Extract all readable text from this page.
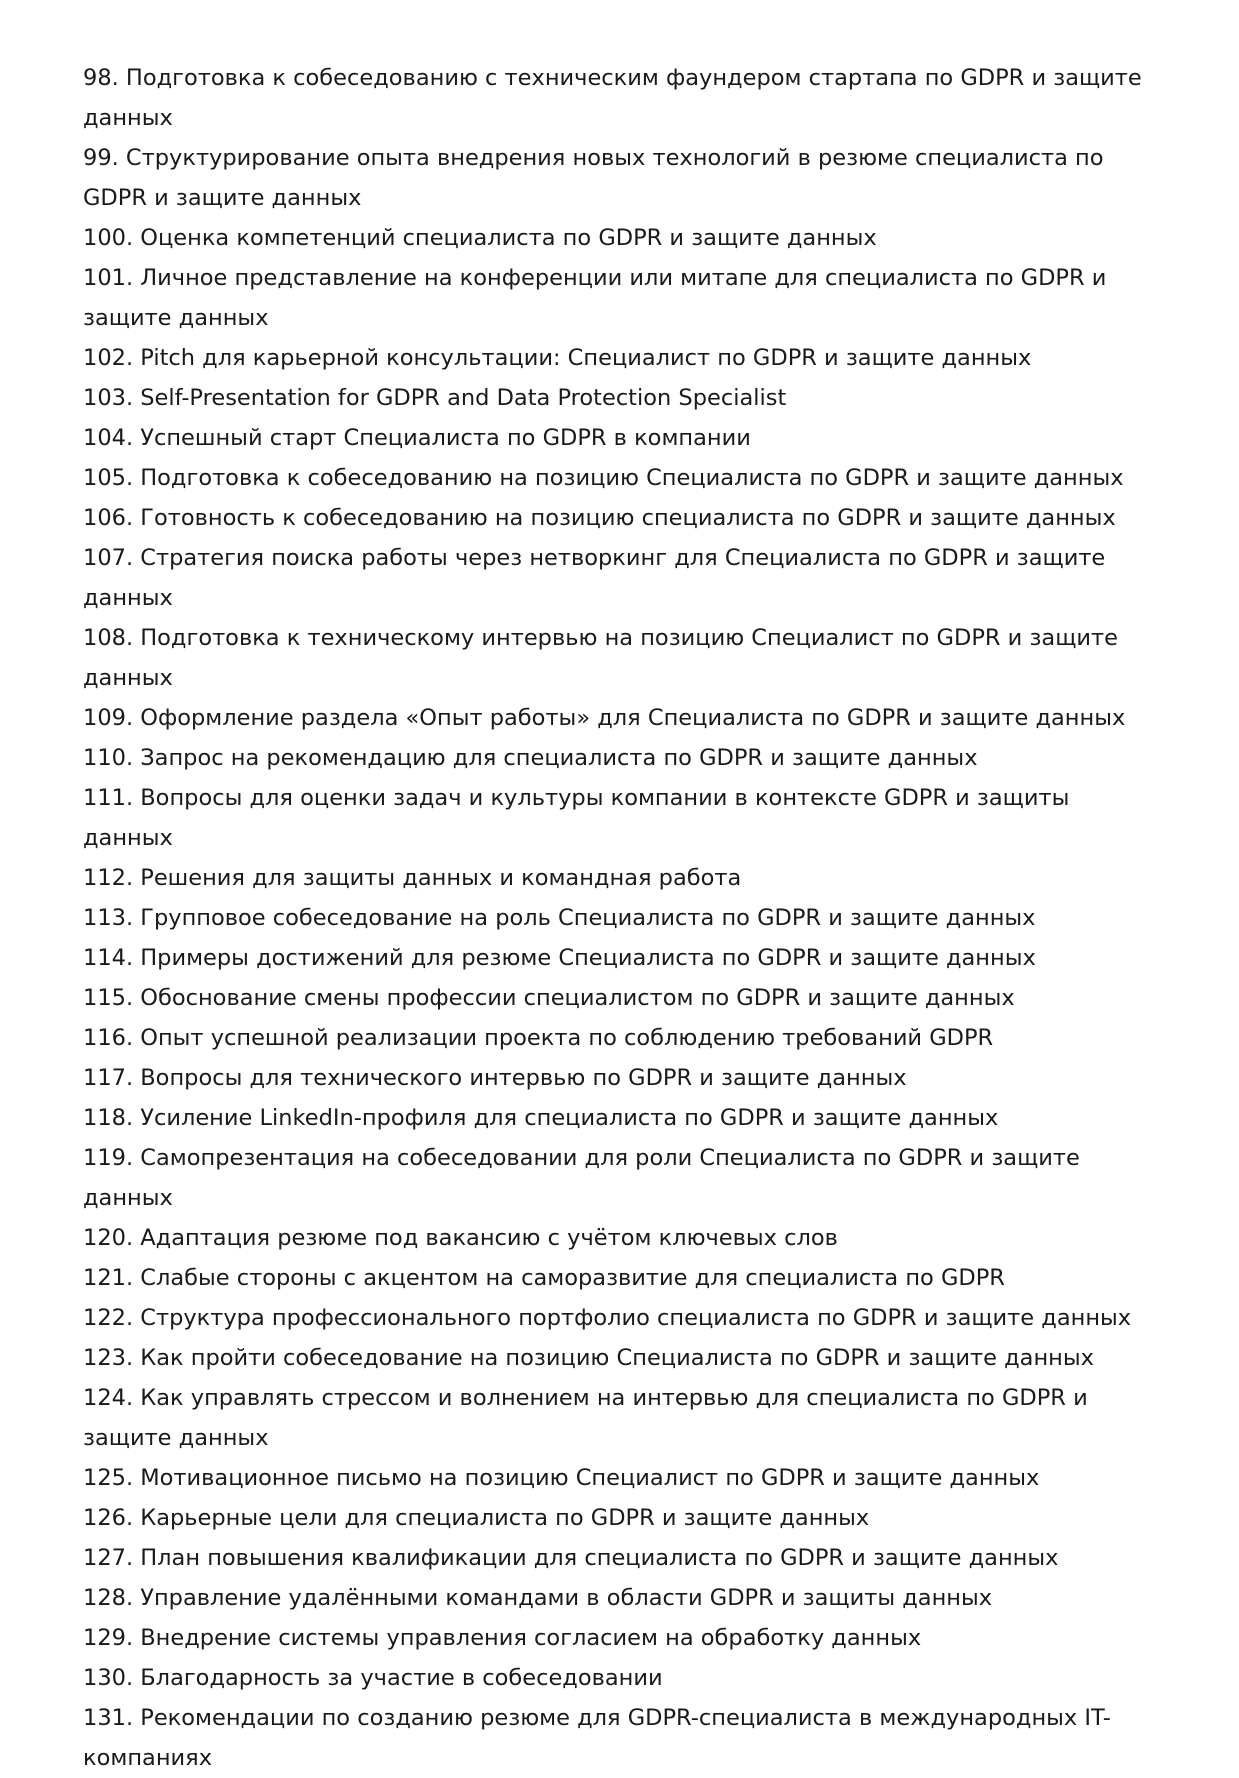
98. Подготовка к собеседованию с техническим фаундером стартапа по GDPR и защите данных
99. Структурирование опыта внедрения новых технологий в резюме специалиста по GDPR и защите данных
100. Оценка компетенций специалиста по GDPR и защите данных
101. Личное представление на конференции или митапе для специалиста по GDPR и защите данных
102. Pitch для карьерной консультации: Специалист по GDPR и защите данных
103. Self-Presentation for GDPR and Data Protection Specialist
104. Успешный старт Специалиста по GDPR в компании
105. Подготовка к собеседованию на позицию Специалиста по GDPR и защите данных
106. Готовность к собеседованию на позицию специалиста по GDPR и защите данных
107. Стратегия поиска работы через нетворкинг для Специалиста по GDPR и защите данных
108. Подготовка к техническому интервью на позицию Специалист по GDPR и защите данных
109. Оформление раздела «Опыт работы» для Специалиста по GDPR и защите данных
110. Запрос на рекомендацию для специалиста по GDPR и защите данных
111. Вопросы для оценки задач и культуры компании в контексте GDPR и защиты данных
112. Решения для защиты данных и командная работа
113. Групповое собеседование на роль Специалиста по GDPR и защите данных
114. Примеры достижений для резюме Специалиста по GDPR и защите данных
115. Обоснование смены профессии специалистом по GDPR и защите данных
116. Опыт успешной реализации проекта по соблюдению требований GDPR
117. Вопросы для технического интервью по GDPR и защите данных
118. Усиление LinkedIn-профиля для специалиста по GDPR и защите данных
119. Самопрезентация на собеседовании для роли Специалиста по GDPR и защите данных
120. Адаптация резюме под вакансию с учётом ключевых слов
121. Слабые стороны с акцентом на саморазвитие для специалиста по GDPR
122. Структура профессионального портфолио специалиста по GDPR и защите данных
123. Как пройти собеседование на позицию Специалиста по GDPR и защите данных
124. Как управлять стрессом и волнением на интервью для специалиста по GDPR и защите данных
125. Мотивационное письмо на позицию Специалист по GDPR и защите данных
126. Карьерные цели для специалиста по GDPR и защите данных
127. План повышения квалификации для специалиста по GDPR и защите данных
128. Управление удалёнными командами в области GDPR и защиты данных
129. Внедрение системы управления согласием на обработку данных
130. Благодарность за участие в собеседовании
131. Рекомендации по созданию резюме для GDPR-специалиста в международных IT-компаниях
